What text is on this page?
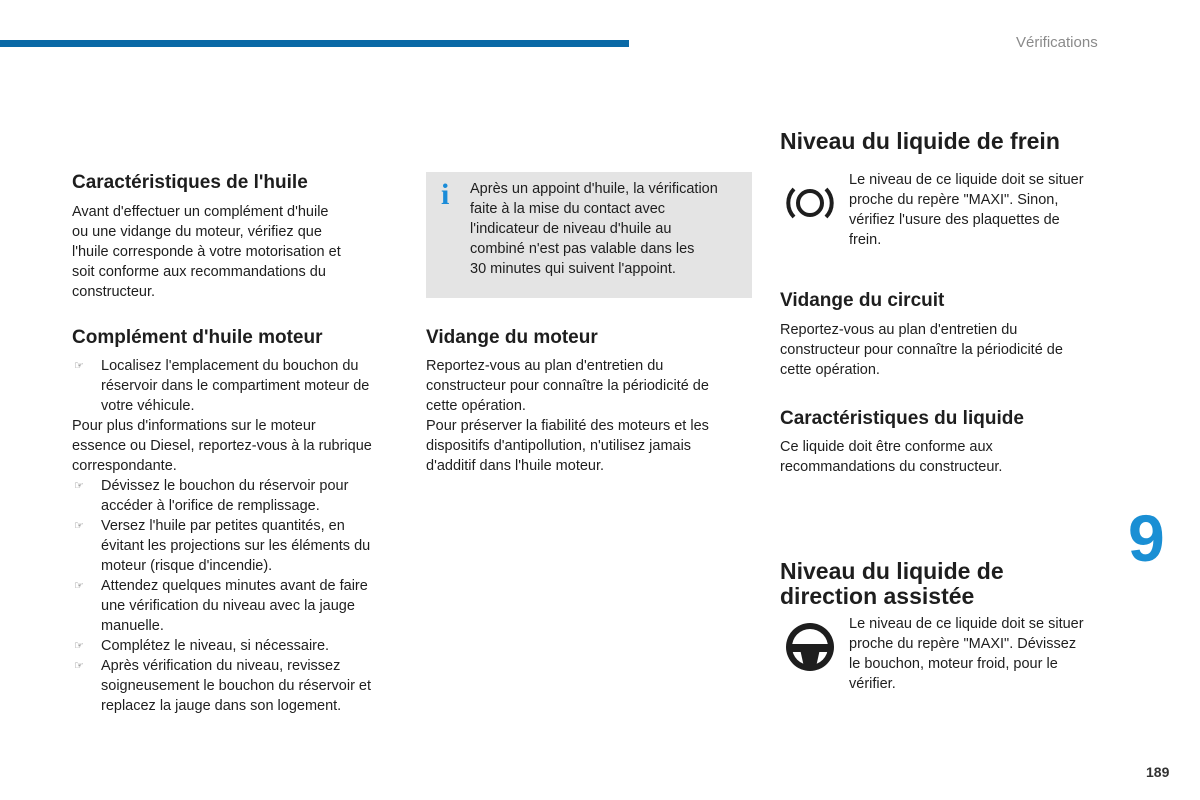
Vérifications
Caractéristiques de l'huile

Avant d'effectuer un complément d'huile
ou une vidange du moteur, vérifiez que
l'huile corresponde à votre motorisation et
soit conforme aux recommandations du
constructeur.

Complément d'huile moteur
☞ Localisez l'emplacement du bouchon du
réservoir dans le compartiment moteur de
votre véhicule.
Pour plus d'informations sur le moteur
essence ou Diesel, reportez-vous à la rubrique
correspondante.
☞ Dévissez le bouchon du réservoir pour
accéder à l'orifice de remplissage.
☞ Versez l'huile par petites quantités, en
évitant les projections sur les éléments du
moteur (risque d'incendie).
☞ Attendez quelques minutes avant de faire
une vérification du niveau avec la jauge
manuelle.
☞ Complétez le niveau, si nécessaire.
☞ Après vérification du niveau, revissez
soigneusement le bouchon du réservoir et
replacez la jauge dans son logement.
i Après un appoint d'huile, la vérification
faite à la mise du contact avec
l'indicateur de niveau d'huile au
combiné n'est pas valable dans les
30 minutes qui suivent l'appoint.

Vidange du moteur

Reportez-vous au plan d'entretien du
constructeur pour connaître la périodicité de
cette opération.
Pour préserver la fiabilité des moteurs et les
dispositifs d'antipollution, n'utilisez jamais
d'additif dans l'huile moteur.

Niveau du liquide de frein

Le niveau de ce liquide doit se situer
proche du repère "MAXI". Sinon,
vérifiez l'usure des plaquettes de
frein.

Vidange du circuit

Reportez-vous au plan d'entretien du
constructeur pour connaître la périodicité de
cette opération.

Caractéristiques du liquide

Ce liquide doit être conforme aux
recommandations du constructeur.

Niveau du liquide de
direction assistée

Le niveau de ce liquide doit se situer
proche du repère "MAXI". Dévissez
le bouchon, moteur froid, pour le
vérifier.

9
189
